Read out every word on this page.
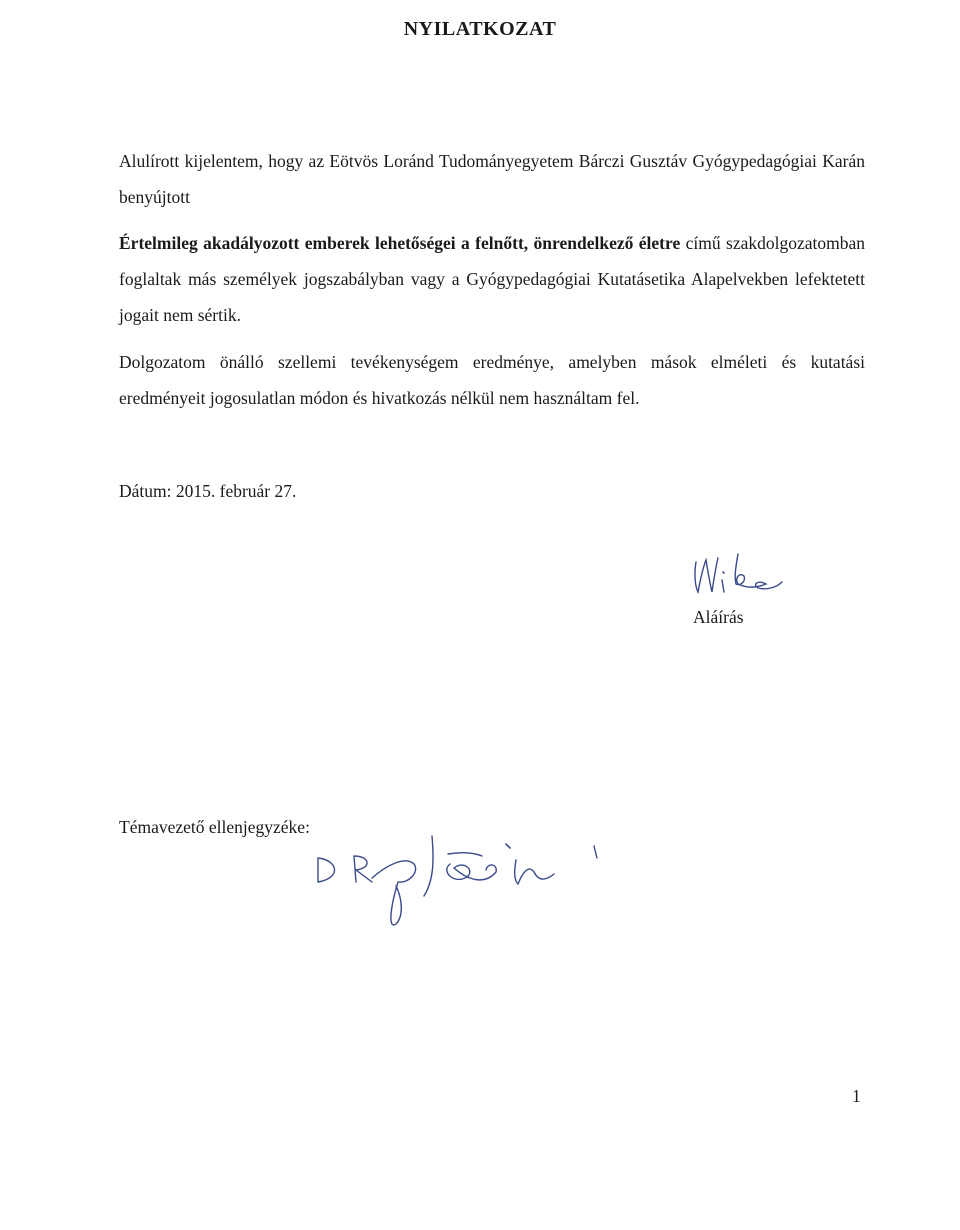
NYILATKOZAT
Alulírott kijelentem, hogy az Eötvös Loránd Tudományegyetem Bárczi Gusztáv Gyógypedagógiai Karán benyújtott
Értelmileg akadályozott emberek lehetőségei a felnőtt, önrendelkező életre című szakdolgozatomban foglaltak más személyek jogszabályban vagy a Gyógypedagógiai Kutatásetika Alapelvekben lefektetett jogait nem sértik.
Dolgozatom önálló szellemi tevékenységem eredménye, amelyben mások elméleti és kutatási eredményeit jogosulatlan módon és hivatkozás nélkül nem használtam fel.
Dátum: 2015. február 27.
Aláírás
Témavezető ellenjegyzéke:
1
